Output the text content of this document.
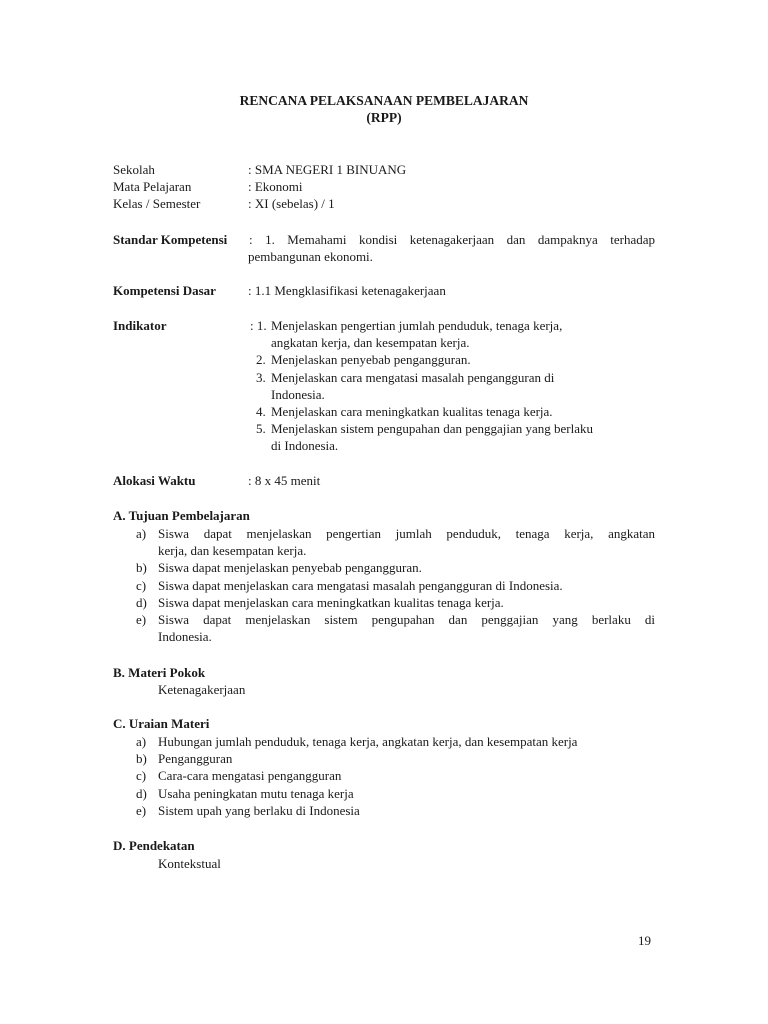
RENCANA PELAKSANAAN PEMBELAJARAN
(RPP)
Sekolah	: SMA NEGERI 1 BINUANG
Mata Pelajaran	: Ekonomi
Kelas / Semester	: XI (sebelas) / 1
Standar Kompetensi : 1. Memahami kondisi ketenagakerjaan dan dampaknya terhadap
pembangunan ekonomi.
Kompetensi Dasar : 1.1 Mengklasifikasi ketenagakerjaan
Indikator	: 1. Menjelaskan pengertian jumlah penduduk, tenaga kerja,
angkatan kerja, dan kesempatan kerja.
2. Menjelaskan penyebab pengangguran.
3. Menjelaskan cara mengatasi masalah pengangguran di
Indonesia.
4. Menjelaskan cara meningkatkan kualitas tenaga kerja.
5. Menjelaskan sistem pengupahan dan penggajian yang berlaku
di Indonesia.
Alokasi Waktu	: 8 x 45 menit
A. Tujuan Pembelajaran
a) Siswa dapat menjelaskan pengertian jumlah penduduk, tenaga kerja, angkatan
kerja, dan kesempatan kerja.
b) Siswa dapat menjelaskan penyebab pengangguran.
c) Siswa dapat menjelaskan cara mengatasi masalah pengangguran di Indonesia.
d) Siswa dapat menjelaskan cara meningkatkan kualitas tenaga kerja.
e) Siswa dapat menjelaskan sistem pengupahan dan penggajian yang berlaku di
Indonesia.
B. Materi Pokok
Ketenagakerjaan
C. Uraian Materi
a) Hubungan jumlah penduduk, tenaga kerja, angkatan kerja, dan kesempatan kerja
b) Pengangguran
c) Cara-cara mengatasi pengangguran
d) Usaha peningkatan mutu tenaga kerja
e) Sistem upah yang berlaku di Indonesia
D. Pendekatan
Kontekstual
19
